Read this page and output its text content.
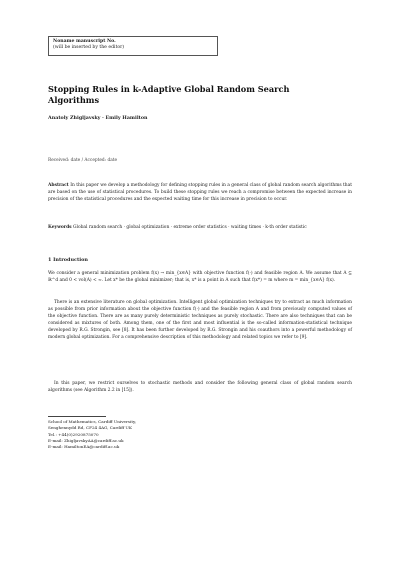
Noname manuscript No.
(will be inserted by the editor)
Stopping Rules in k-Adaptive Global Random Search
Algorithms
Anatoly Zhigljavsky · Emily Hamilton
Received: date / Accepted: date
Abstract In this paper we develop a methodology for defining stopping rules in a general class of global random search algorithms that are based on the use of statistical procedures. To build these stopping rules we reach a compromise between the expected increase in precision of the statistical procedures and the expected waiting time for this increase in precision to occur.
Keywords Global random search · global optimization · extreme order statistics · waiting times · k-th order statistic
1 Introduction
We consider a general minimization problem f(x) → min_{x∈A} with objective function f(·) and feasible region A. We assume that A ⊆ ℝ^d and 0 < vol(A) < ∞. Let x* be the global minimizer; that is, x* is a point in A such that f(x*) = m where m = min_{x∈A} f(x).
There is an extensive literature on global optimization. Intelligent global optimization techniques try to extract as much information as possible from prior information about the objective function f(·) and the feasible region A and from previously computed values of the objective function. There are as many purely deterministic techniques as purely stochastic. There are also techniques that can be considered as mixtures of both. Among them, one of the first and most influential is the so-called information-statistical technique developed by R.G. Strongin, see [8]. It has been further developed by R.G. Strongin and his coauthors into a powerful methodology of modern global optimization. For a comprehensive description of this methodology and related topics we refer to [9].
In this paper, we restrict ourselves to stochastic methods and consider the following general class of global random search algorithms (see Algorithm 2.2 in [15]).
School of Mathematics, Cardiff University,
Senghennydd Rd, CF24 4AG, Cardiff UK
Tel.: +44(0)2920875070
E-mail: ZhigljavskyAA@cardiff.ac.uk
E-mail: HamiltonEA@cardiff.ac.uk
